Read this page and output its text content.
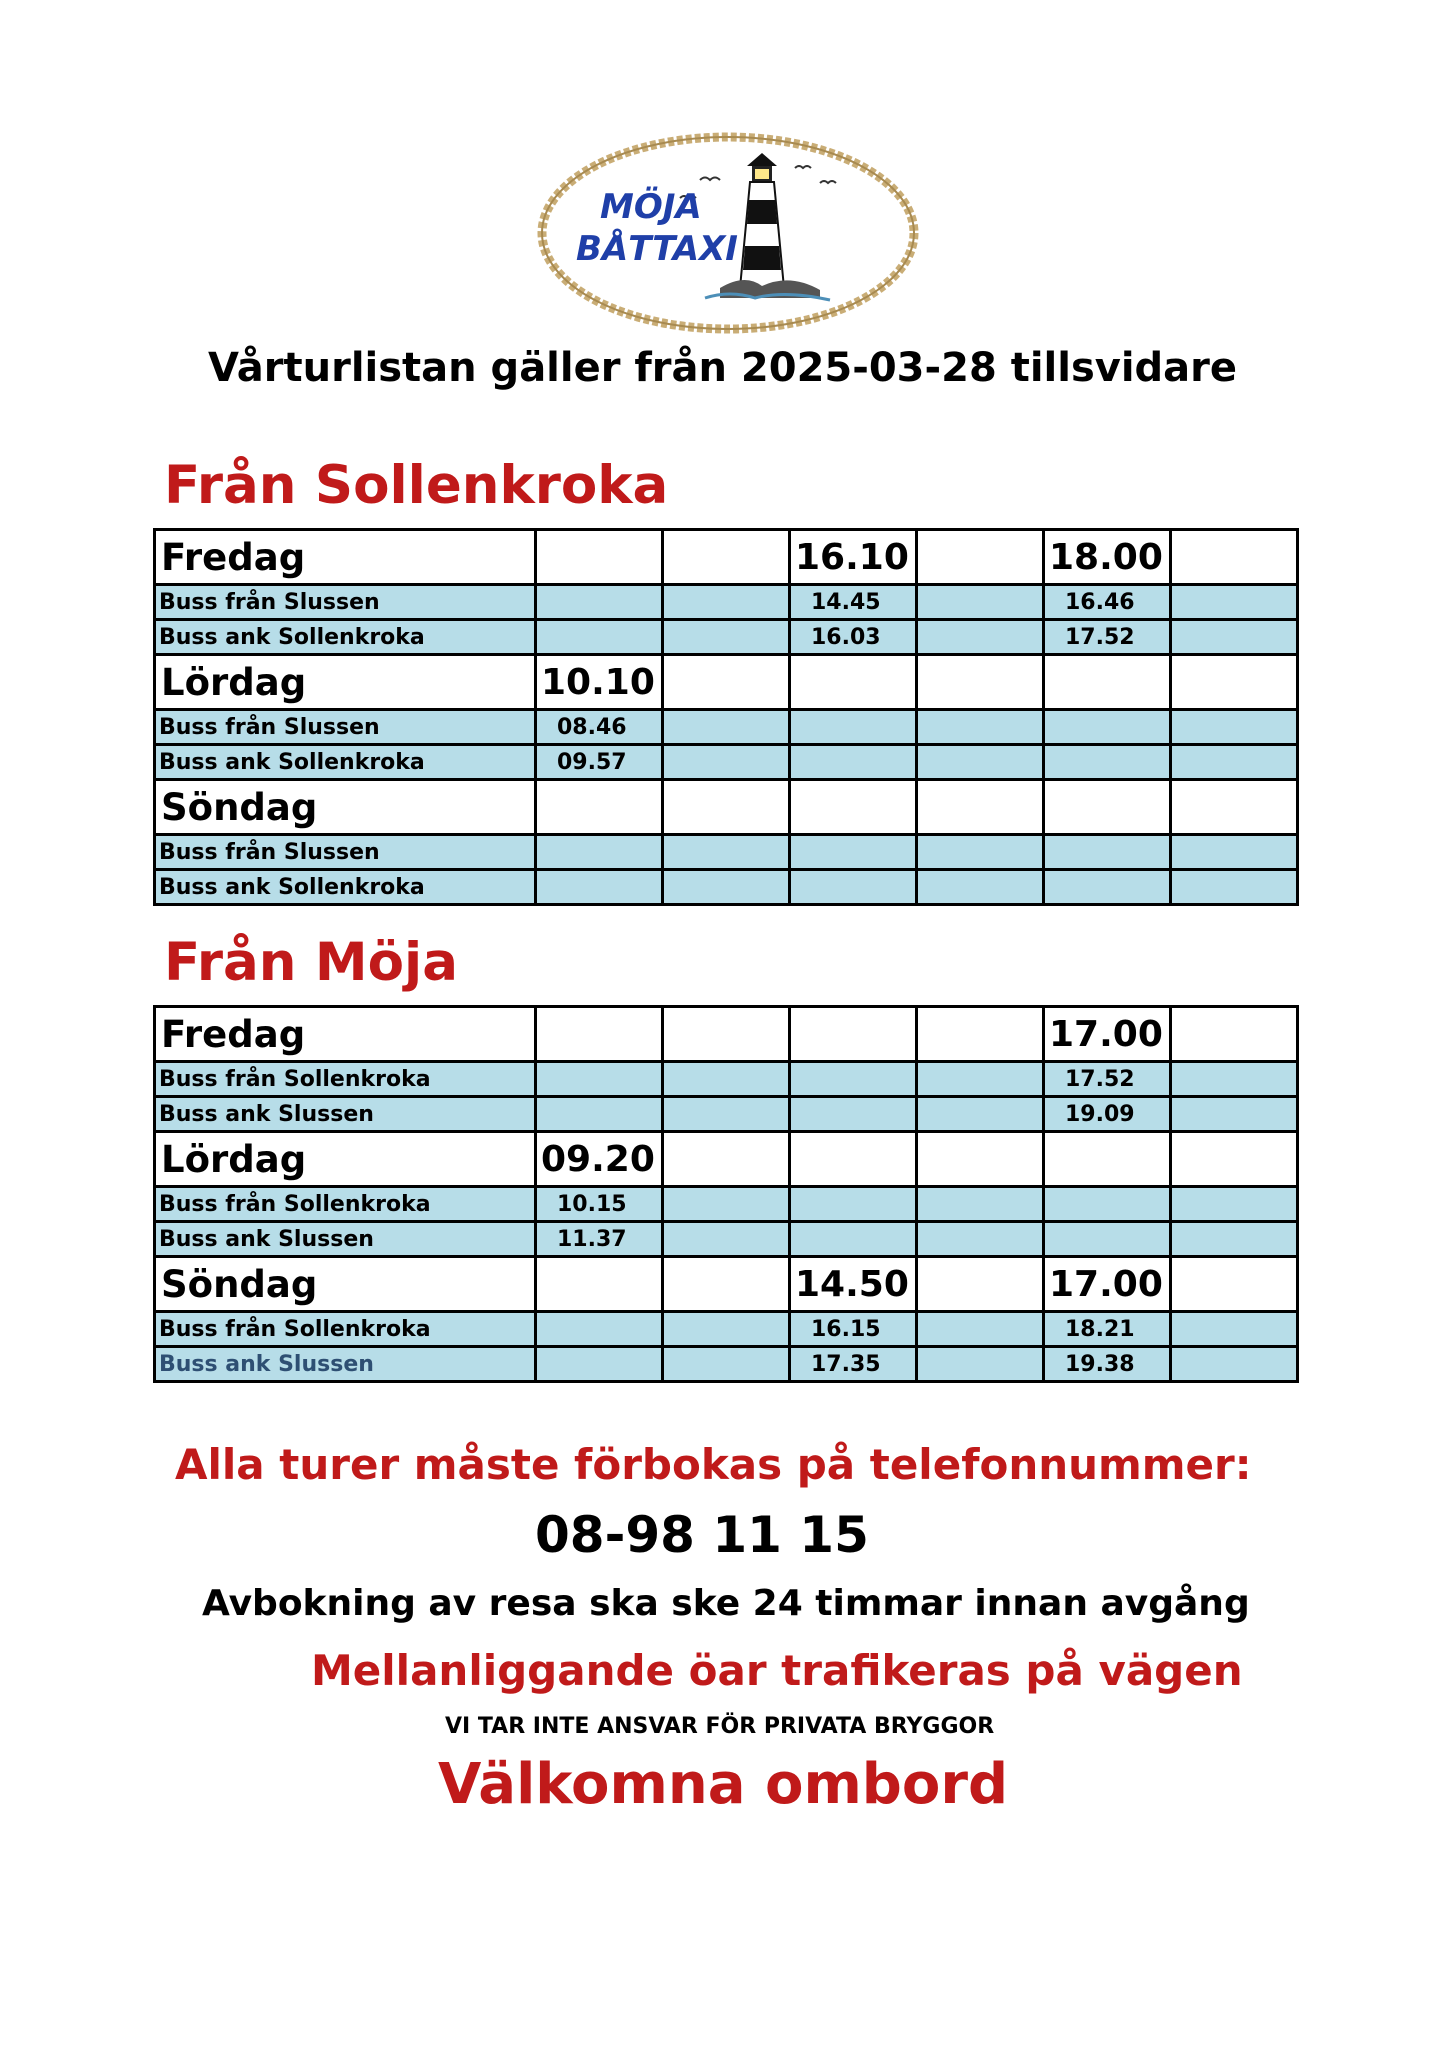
MÖJA
BÅTTAXI

Vårturlistan gäller från 2025-03-28 tillsvidare

Från Sollenkroka
Fredag			16.10		18.00	
Buss från Slussen			14.45		16.46	
Buss ank Sollenkroka			16.03		17.52	
Lördag	10.10					
Buss från Slussen	08.46					
Buss ank Sollenkroka	09.57					
Söndag						
Buss från Slussen						
Buss ank Sollenkroka						
Från Möja
Fredag					17.00	
Buss från Sollenkroka					17.52	
Buss ank Slussen					19.09	
Lördag	09.20					
Buss från Sollenkroka	10.15					
Buss ank Slussen	11.37					
Söndag			14.50		17.00	
Buss från Sollenkroka			16.15		18.21	
Buss ank Slussen			17.35		19.38	

Alla turer måste förbokas på telefonnummer:

08-98 11 15

Avbokning av resa ska ske 24 timmar innan avgång

Mellanliggande öar trafikeras på vägen

VI TAR INTE ANSVAR FÖR PRIVATA BRYGGOR

Välkomna ombord
